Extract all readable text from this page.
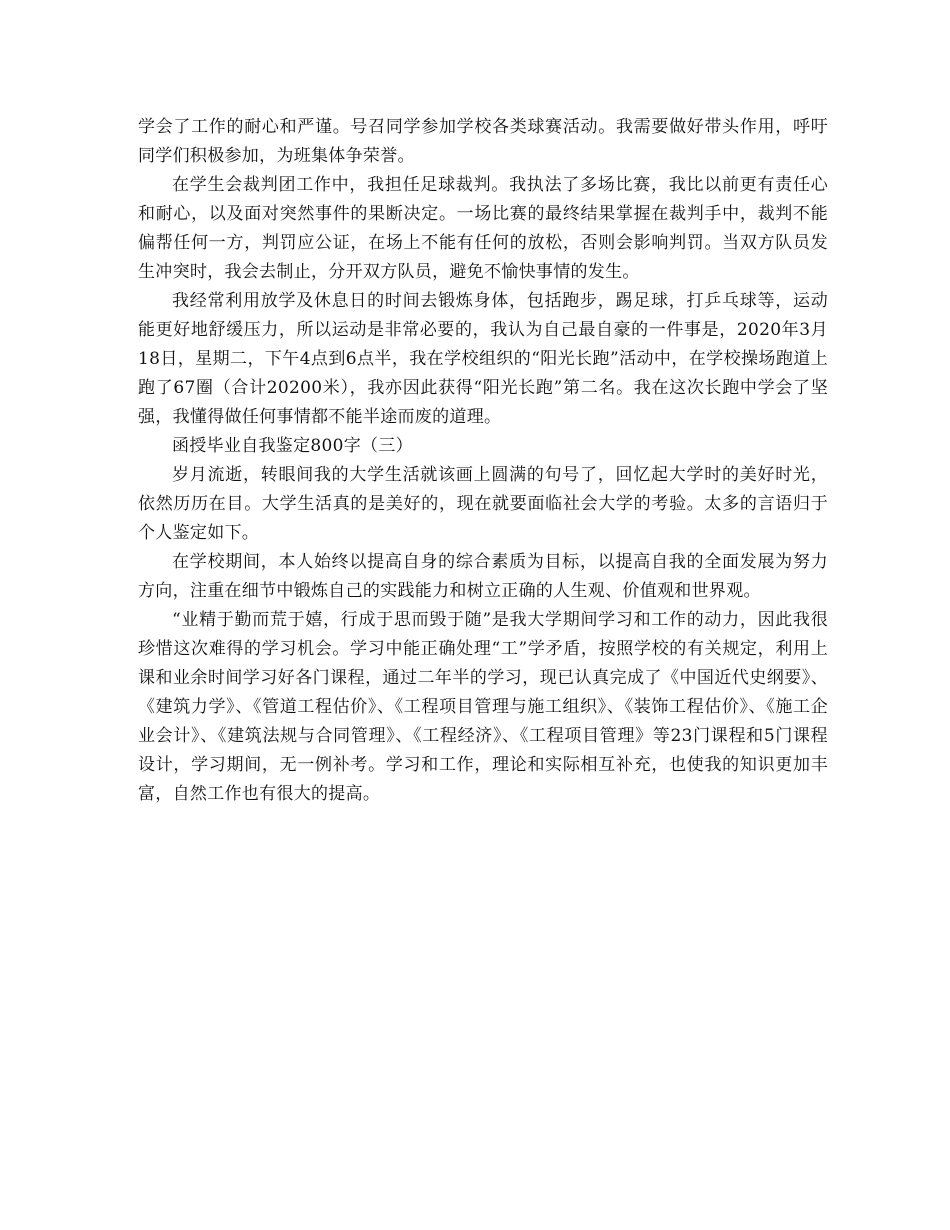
学会了工作的耐心和严谨。号召同学参加学校各类球赛活动。我需要做好带头作用，呼吁同学们积极参加，为班集体争荣誉。

在学生会裁判团工作中，我担任足球裁判。我执法了多场比赛，我比以前更有责任心和耐心，以及面对突然事件的果断决定。一场比赛的最终结果掌握在裁判手中，裁判不能偏帮任何一方，判罚应公证，在场上不能有任何的放松，否则会影响判罚。当双方队员发生冲突时，我会去制止，分开双方队员，避免不愉快事情的发生。

我经常利用放学及休息日的时间去锻炼身体，包括跑步，踢足球，打乒乓球等，运动能更好地舒缓压力，所以运动是非常必要的，我认为自己最自豪的一件事是，2020年3月18日，星期二，下午4点到6点半，我在学校组织的“阳光长跑”活动中，在学校操场跑道上跑了67圈（合计20200米），我亦因此获得“阳光长跑”第二名。我在这次长跑中学会了坚强，我懂得做任何事情都不能半途而废的道理。

函授毕业自我鉴定800字（三）

岁月流逝，转眼间我的大学生活就该画上圆满的句号了，回忆起大学时的美好时光，依然历历在目。大学生活真的是美好的，现在就要面临社会大学的考验。太多的言语归于个人鉴定如下。

在学校期间，本人始终以提高自身的综合素质为目标，以提高自我的全面发展为努力方向，注重在细节中锻炼自己的实践能力和树立正确的人生观、价值观和世界观。

“业精于勤而荒于嬉，行成于思而毁于随”是我大学期间学习和工作的动力，因此我很珍惜这次难得的学习机会。学习中能正确处理“工”学矛盾，按照学校的有关规定，利用上课和业余时间学习好各门课程，通过二年半的学习，现已认真完成了《中国近代史纲要》、《建筑力学》、《管道工程估价》、《工程项目管理与施工组织》、《装饰工程估价》、《施工企业会计》、《建筑法规与合同管理》、《工程经济》、《工程项目管理》等23门课程和5门课程设计，学习期间，无一例补考。学习和工作，理论和实际相互补充，也使我的知识更加丰富，自然工作也有很大的提高。
